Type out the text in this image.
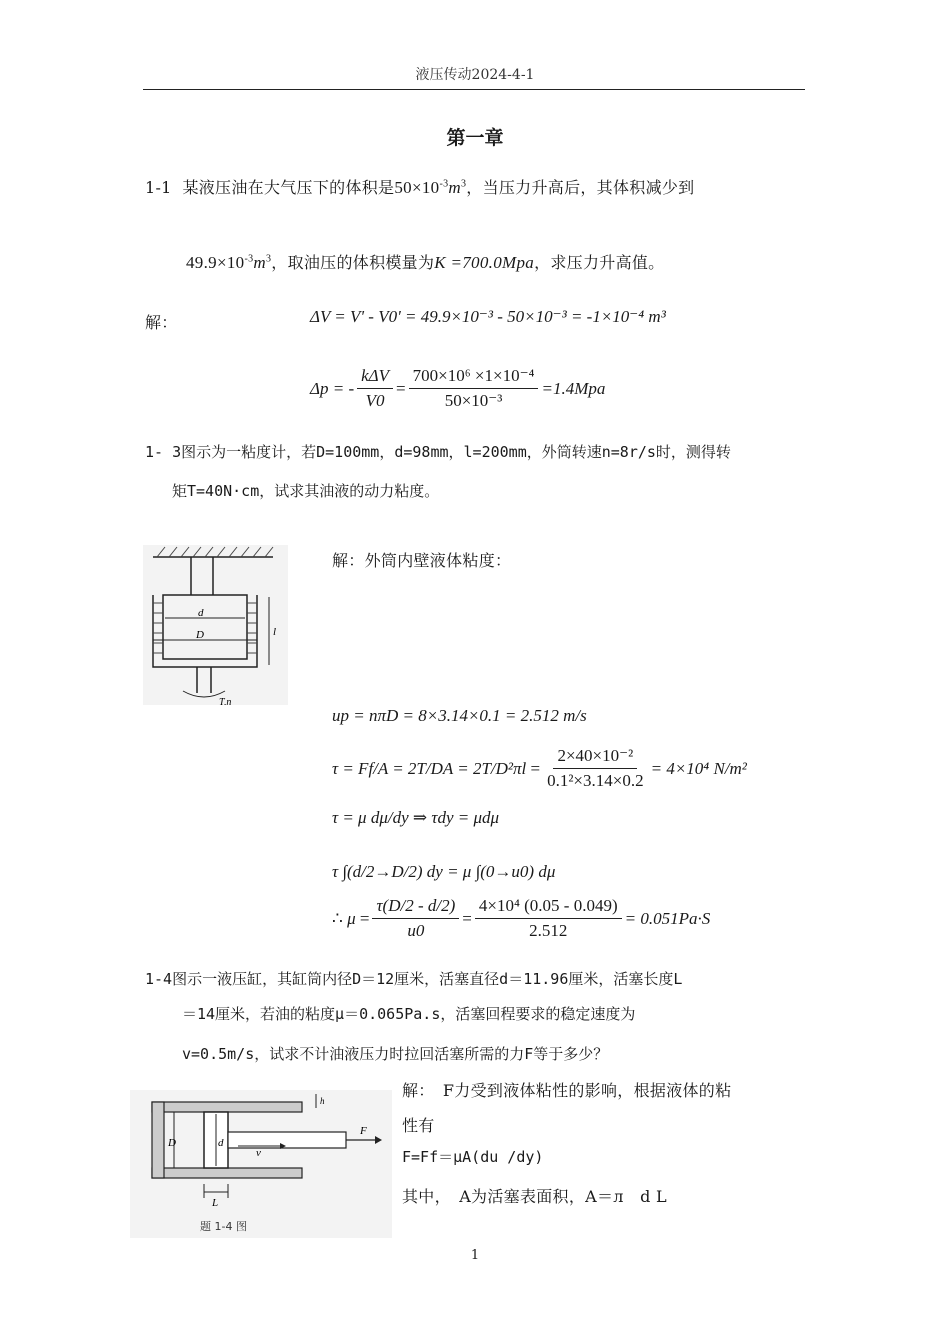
液压传动2024-4-1
第一章
1-1 某液压油在大气压下的体积是$50\times 10^{-3}m^3$，当压力升高后，其体积减少到
$49.9\times 10^{-3}m^3$，取油压的体积模量为K =700.0Mpa，求压力升高值。
解：	ΔV = V' - V0' = 49.9×10⁻³ - 50×10⁻³ = -1×10⁻⁴ m³
Δp = - $\frac{\text{kΔV}}{V0} = \frac{\text{700×10⁶ ×1×10⁻⁴}}{\text{50×10⁻³}} =1.4Mpa$
1- 3图示为一粘度计，若D=100mm，d=98mm，l=200mm，外筒转速n=8r/s时，测得转
矩T=40N·cm，试求其油液的动力粘度。
d
D	l
T,n
解：外筒内壁液体粘度：
up = nπD = 8×3.14×0.1 = 2.512 m/s
$\tau = Ff/A = 2T/DA = 2T/D^2\pi l = \frac{\text{2×40×10⁻²}}{\text{0.1²×3.14×0.2}} = 4\times 10^4$ N/m²
τ = μ dμ/dy ⇒ τdy = μdμ
τ ∫(d/2→D/2) dy = μ ∫(0→u0) dμ
∴ $\mu = \frac{\tau(D/2 - d/2)}{u0} = \frac{\text{4×10⁴ (0.05 - 0.049)}}{2.512} = 0.051Pa\cdot S$
1-4图示一液压缸，其缸筒内径D＝12厘米，活塞直径d＝11.96厘米，活塞长度L
＝14厘米，若油的粘度μ＝0.065Pa.s，活塞回程要求的稳定速度为
v=0.5m/s，试求不计油液压力时拉回活塞所需的力F等于多少？
D	d
v
F
L
h
题 1-4 图
解：　F力受到液体粘性的影响，根据液体的粘
性有
F=Ff＝μA(du /dy)
其中，　A为活塞表面积，A＝л　d L
1
